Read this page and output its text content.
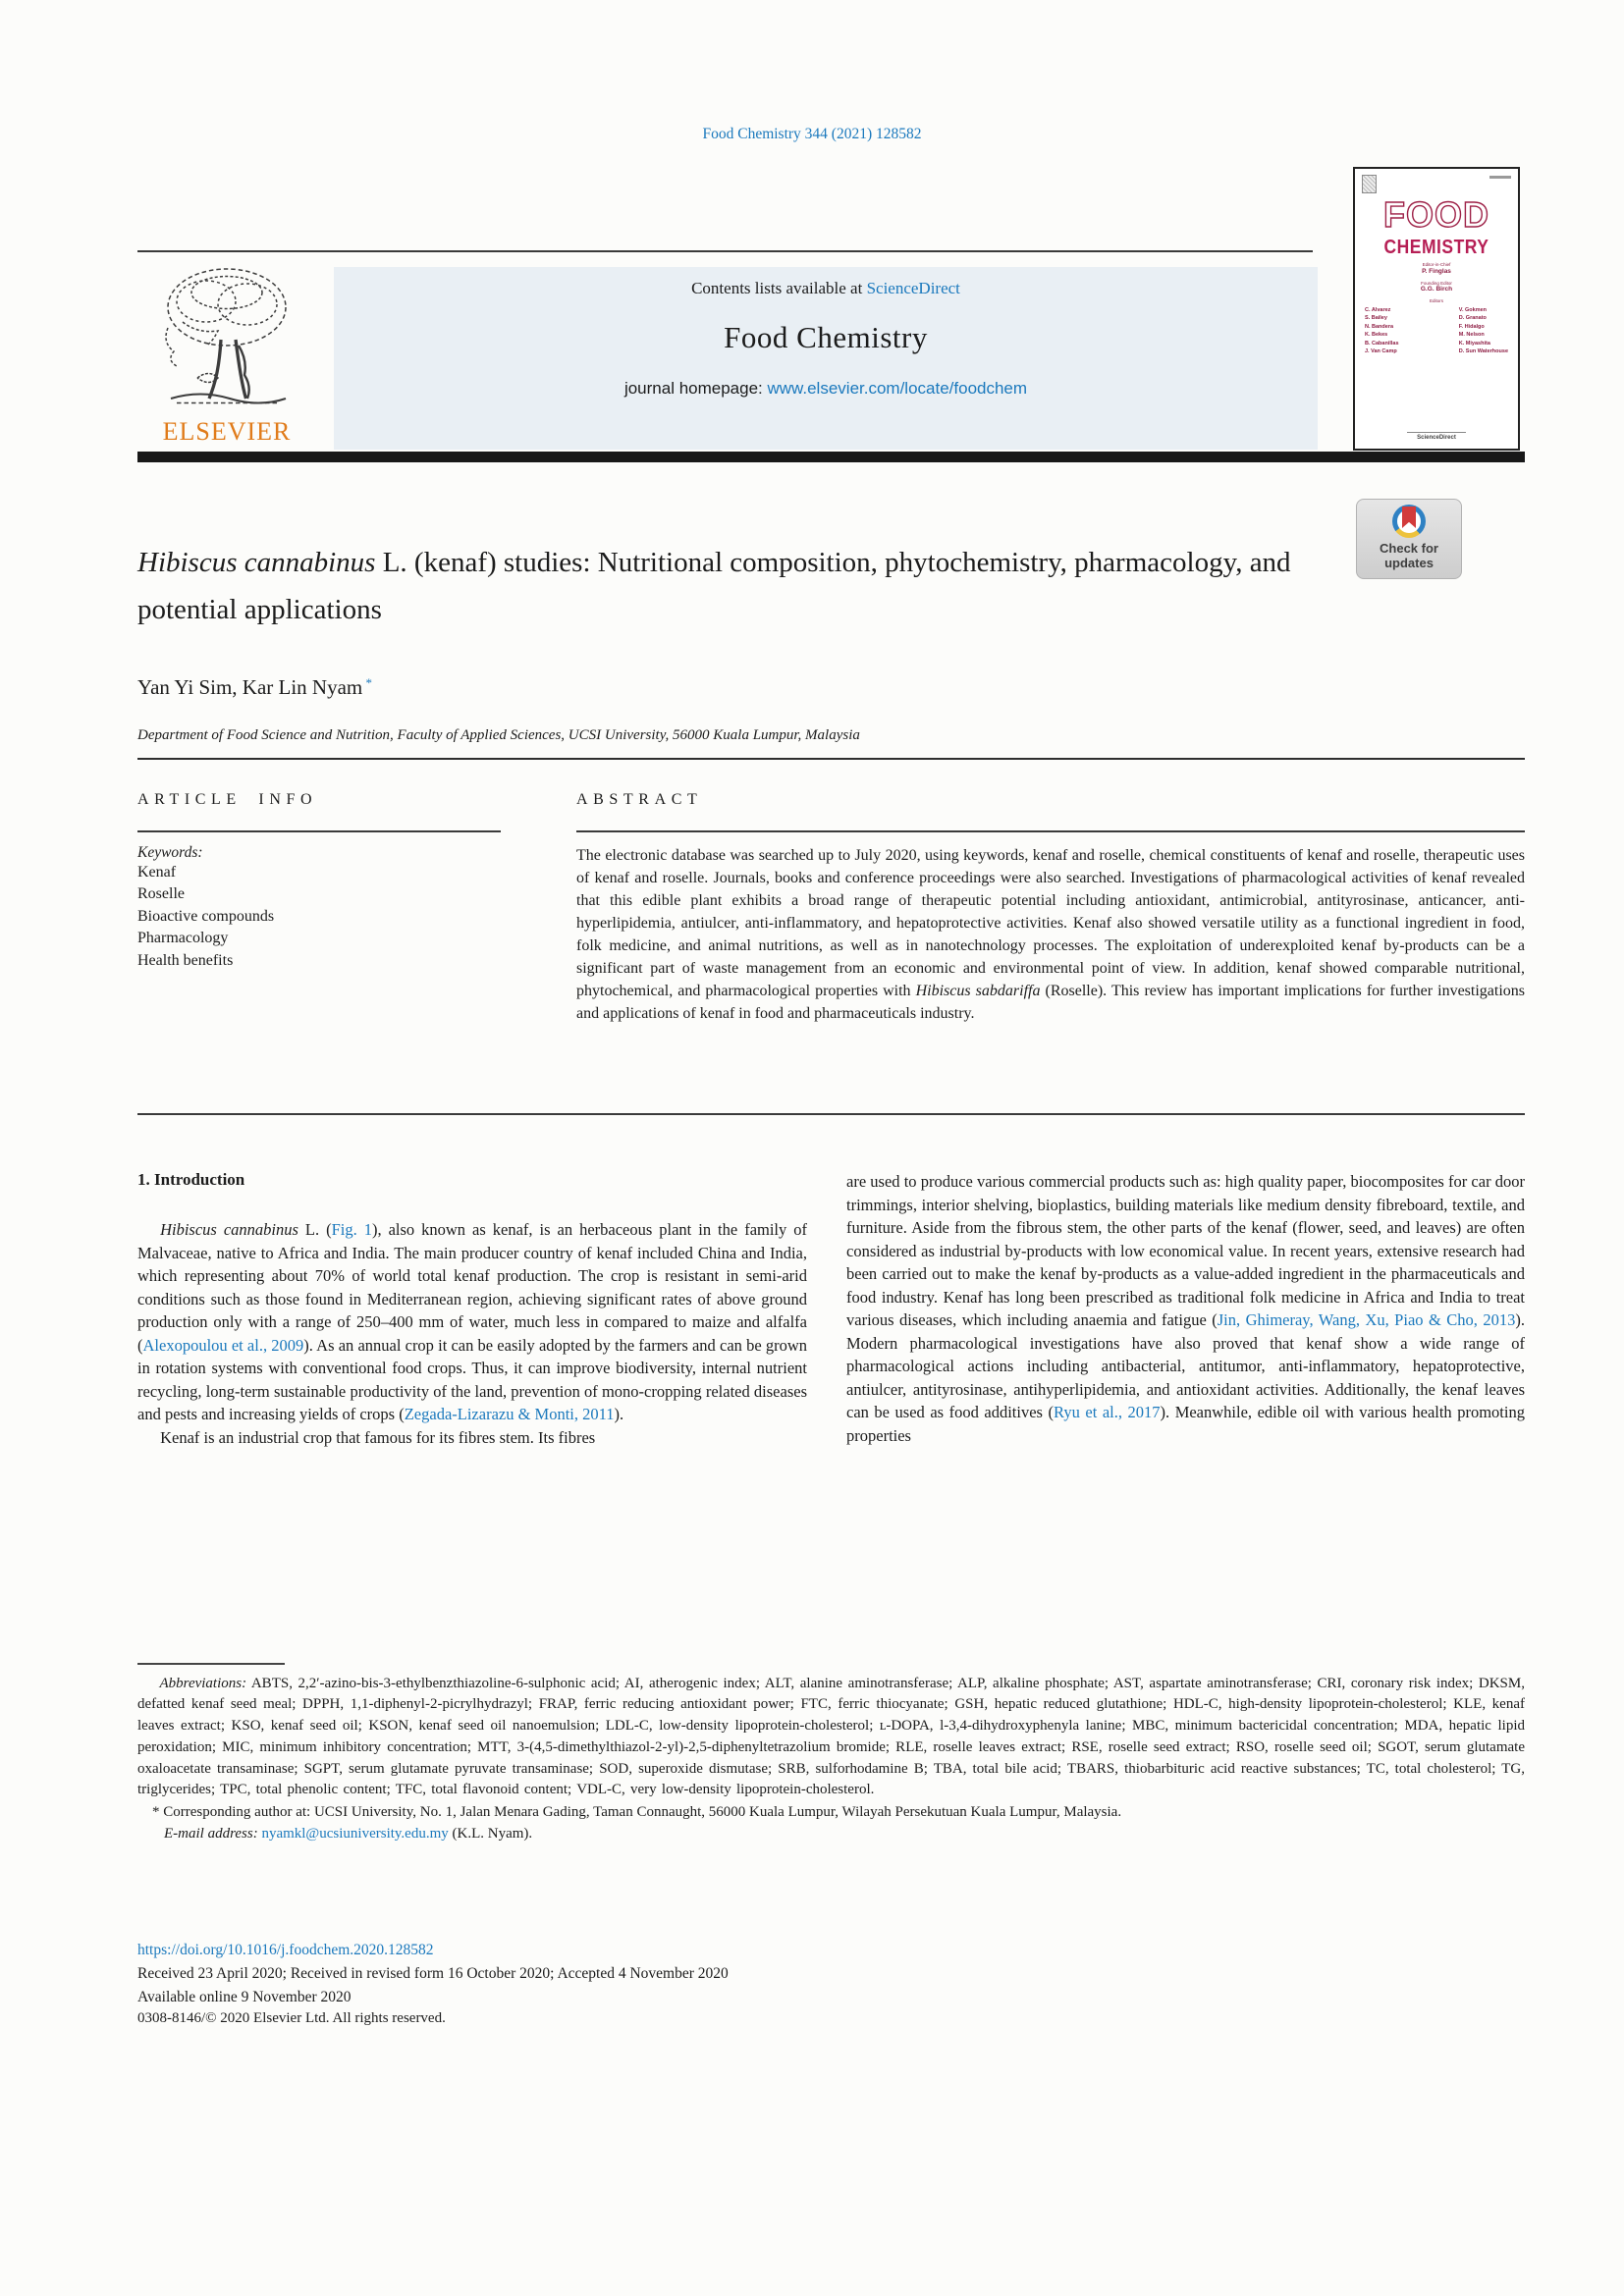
Food Chemistry 344 (2021) 128582
ELSEVIER
Contents lists available at ScienceDirect
Food Chemistry
journal homepage: www.elsevier.com/locate/foodchem
FOOD
CHEMISTRY
Editor-in-Chief
P. Finglas
Founding Editor
G.G. Birch
Editors
C. Alvarez
S. Bailey
N. Bandera
K. Bekes
B. Cabanillas
J. Van Camp
V. Gokmen
D. Granato
F. Hidalgo
M. Nelson
K. Miyashita
D. Sun Waterhouse
ScienceDirect
Check for
updates
Hibiscus cannabinus L. (kenaf) studies: Nutritional composition, phytochemistry, pharmacology, and potential applications
Yan Yi Sim, Kar Lin Nyam *
Department of Food Science and Nutrition, Faculty of Applied Sciences, UCSI University, 56000 Kuala Lumpur, Malaysia
ARTICLE INFO
Keywords:
Kenaf
Roselle
Bioactive compounds
Pharmacology
Health benefits
ABSTRACT
The electronic database was searched up to July 2020, using keywords, kenaf and roselle, chemical constituents of kenaf and roselle, therapeutic uses of kenaf and roselle. Journals, books and conference proceedings were also searched. Investigations of pharmacological activities of kenaf revealed that this edible plant exhibits a broad range of therapeutic potential including antioxidant, antimicrobial, antityrosinase, anticancer, anti-hyperlipidemia, antiulcer, anti-inflammatory, and hepatoprotective activities. Kenaf also showed versatile utility as a functional ingredient in food, folk medicine, and animal nutritions, as well as in nanotechnology processes. The exploitation of underexploited kenaf by-products can be a significant part of waste management from an economic and environmental point of view. In addition, kenaf showed comparable nutritional, phytochemical, and pharmacological properties with Hibiscus sabdariffa (Roselle). This review has important implications for further investigations and applications of kenaf in food and pharmaceuticals industry.
1. Introduction

Hibiscus cannabinus L. (Fig. 1), also known as kenaf, is an herbaceous plant in the family of Malvaceae, native to Africa and India. The main producer country of kenaf included China and India, which representing about 70% of world total kenaf production. The crop is resistant in semi-arid conditions such as those found in Mediterranean region, achieving significant rates of above ground production only with a range of 250–400 mm of water, much less in compared to maize and alfalfa (Alexopoulou et al., 2009). As an annual crop it can be easily adopted by the farmers and can be grown in rotation systems with conventional food crops. Thus, it can improve biodiversity, internal nutrient recycling, long-term sustainable productivity of the land, prevention of mono-cropping related diseases and pests and increasing yields of crops (Zegada-Lizarazu & Monti, 2011).

Kenaf is an industrial crop that famous for its fibres stem. Its fibres

are used to produce various commercial products such as: high quality paper, biocomposites for car door trimmings, interior shelving, bioplastics, building materials like medium density fibreboard, textile, and furniture. Aside from the fibrous stem, the other parts of the kenaf (flower, seed, and leaves) are often considered as industrial by-products with low economical value. In recent years, extensive research had been carried out to make the kenaf by-products as a value-added ingredient in the pharmaceuticals and food industry. Kenaf has long been prescribed as traditional folk medicine in Africa and India to treat various diseases, which including anaemia and fatigue (Jin, Ghimeray, Wang, Xu, Piao & Cho, 2013). Modern pharmacological investigations have also proved that kenaf show a wide range of pharmacological actions including antibacterial, antitumor, anti-inflammatory, hepatoprotective, antiulcer, antityrosinase, antihyperlipidemia, and antioxidant activities. Additionally, the kenaf leaves can be used as food additives (Ryu et al., 2017). Meanwhile, edible oil with various health promoting properties

Abbreviations: ABTS, 2,2′-azino-bis-3-ethylbenzthiazoline-6-sulphonic acid; AI, atherogenic index; ALT, alanine aminotransferase; ALP, alkaline phosphate; AST, aspartate aminotransferase; CRI, coronary risk index; DKSM, defatted kenaf seed meal; DPPH, 1,1-diphenyl-2-picrylhydrazyl; FRAP, ferric reducing antioxidant power; FTC, ferric thiocyanate; GSH, hepatic reduced glutathione; HDL-C, high-density lipoprotein-cholesterol; KLE, kenaf leaves extract; KSO, kenaf seed oil; KSON, kenaf seed oil nanoemulsion; LDL-C, low-density lipoprotein-cholesterol; ʟ-DOPA, l-3,4-dihydroxyphenyla lanine; MBC, minimum bactericidal concentration; MDA, hepatic lipid peroxidation; MIC, minimum inhibitory concentration; MTT, 3-(4,5-dimethylthiazol-2-yl)-2,5-diphenyltetrazolium bromide; RLE, roselle leaves extract; RSE, roselle seed extract; RSO, roselle seed oil; SGOT, serum glutamate oxaloacetate transaminase; SGPT, serum glutamate pyruvate transaminase; SOD, superoxide dismutase; SRB, sulforhodamine B; TBA, total bile acid; TBARS, thiobarbituric acid reactive substances; TC, total cholesterol; TG, triglycerides; TPC, total phenolic content; TFC, total flavonoid content; VDL-C, very low-density lipoprotein-cholesterol.

* Corresponding author at: UCSI University, No. 1, Jalan Menara Gading, Taman Connaught, 56000 Kuala Lumpur, Wilayah Persekutuan Kuala Lumpur, Malaysia.

E-mail address: nyamkl@ucsiuniversity.edu.my (K.L. Nyam).

https://doi.org/10.1016/j.foodchem.2020.128582
Received 23 April 2020; Received in revised form 16 October 2020; Accepted 4 November 2020
Available online 9 November 2020
0308-8146/© 2020 Elsevier Ltd. All rights reserved.
